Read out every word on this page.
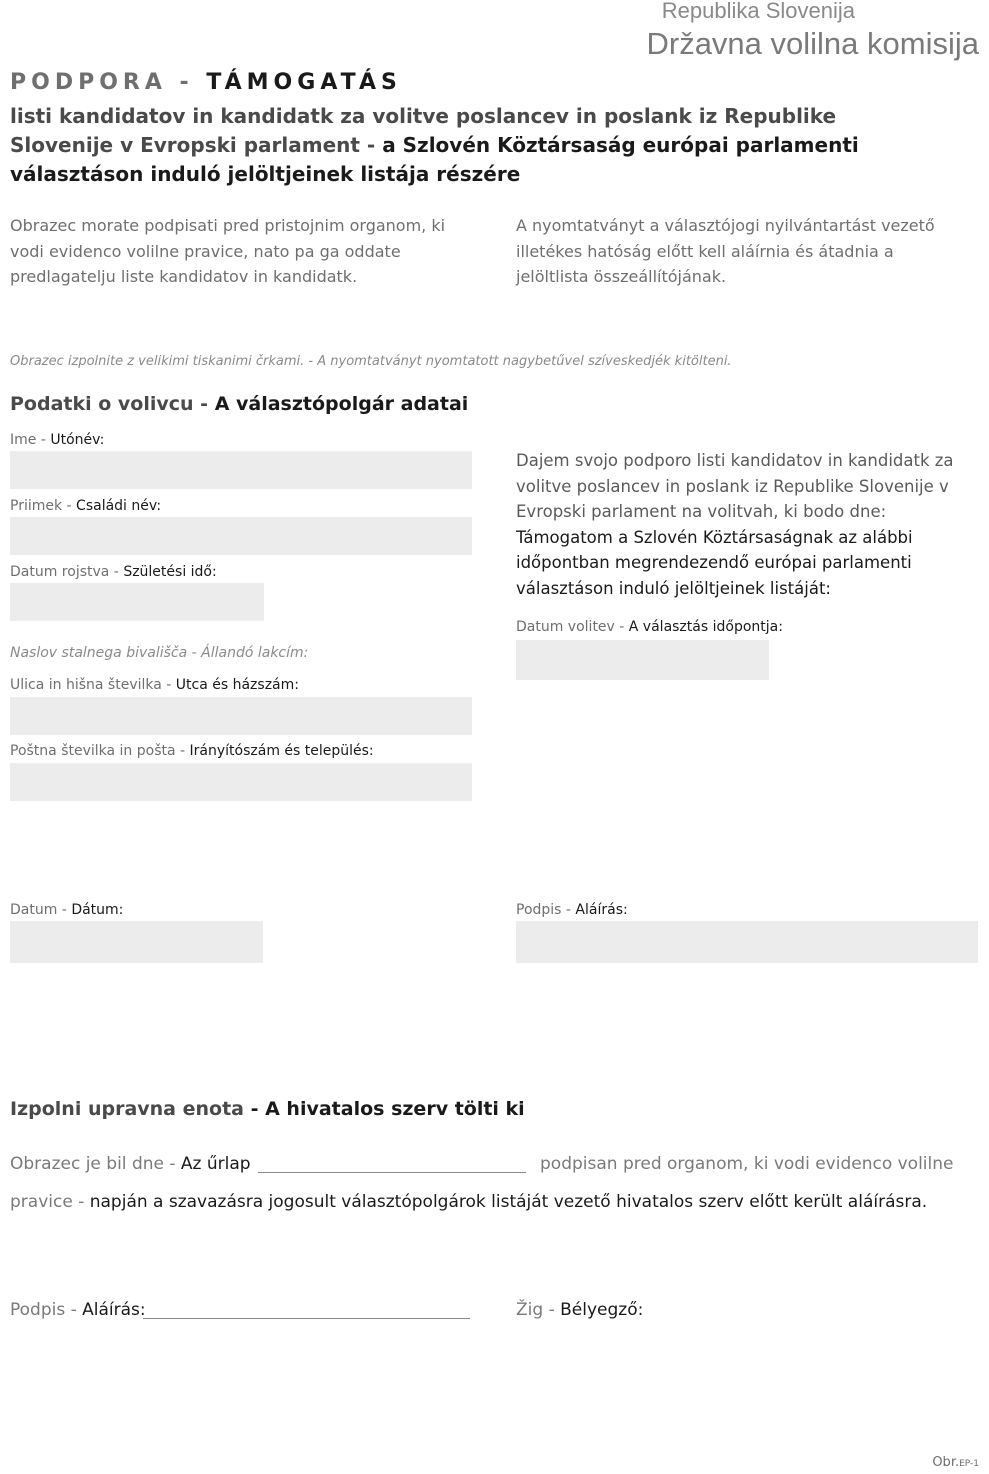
Republika Slovenija
Državna volilna komisija
PODPORA - TÁMOGATÁS
listi kandidatov in kandidatk za volitve poslancev in poslank iz Republike Slovenije v Evropski parlament - a Szlovén Köztársaság európai parlamenti választáson induló jelöltjeinek listája részére
Obrazec morate podpisati pred pristojnim organom, ki vodi evidenco volilne pravice, nato pa ga oddate predlagatelju liste kandidatov in kandidatk.
A nyomtatványt a választójogi nyilvántartást vezető illetékes hatóság előtt kell aláírnia és átadnia a jelöltlista összeállítójának.
Obrazec izpolnite z velikimi tiskanimi črkami. - A nyomtatványt nyomtatott nagybetűvel szíveskedjék kitölteni.
Podatki o volivcu - A választópolgár adatai
Ime - Utónév:
Priimek - Családi név:
Datum rojstva - Születési idő:
Naslov stalnega bivališča - Állandó lakcím:
Ulica in hišna številka - Utca és házszám:
Poštna številka in pošta - Irányítószám és település:
Dajem svojo podporo listi kandidatov in kandidatk za volitve poslancev in poslank iz Republike Slovenije v Evropski parlament na volitvah, ki bodo dne:
Támogatom a Szlovén Köztársaságnak az alábbi időpontban megrendezendő európai parlamenti választáson induló jelöltjeinek listáját:
Datum volitev - A választás időpontja:
Datum - Dátum:	Podpis - Aláírás:
Izpolni upravna enota - A hivatalos szerv tölti ki
Obrazec je bil dne - Az űrlap	podpisan pred organom, ki vodi evidenco volilne
pravice - napján a szavazásra jogosult választópolgárok listáját vezető hivatalos szerv előtt került aláírásra.
Podpis - Aláírás:	Žig - Bélyegző:
Obr.EP-1
